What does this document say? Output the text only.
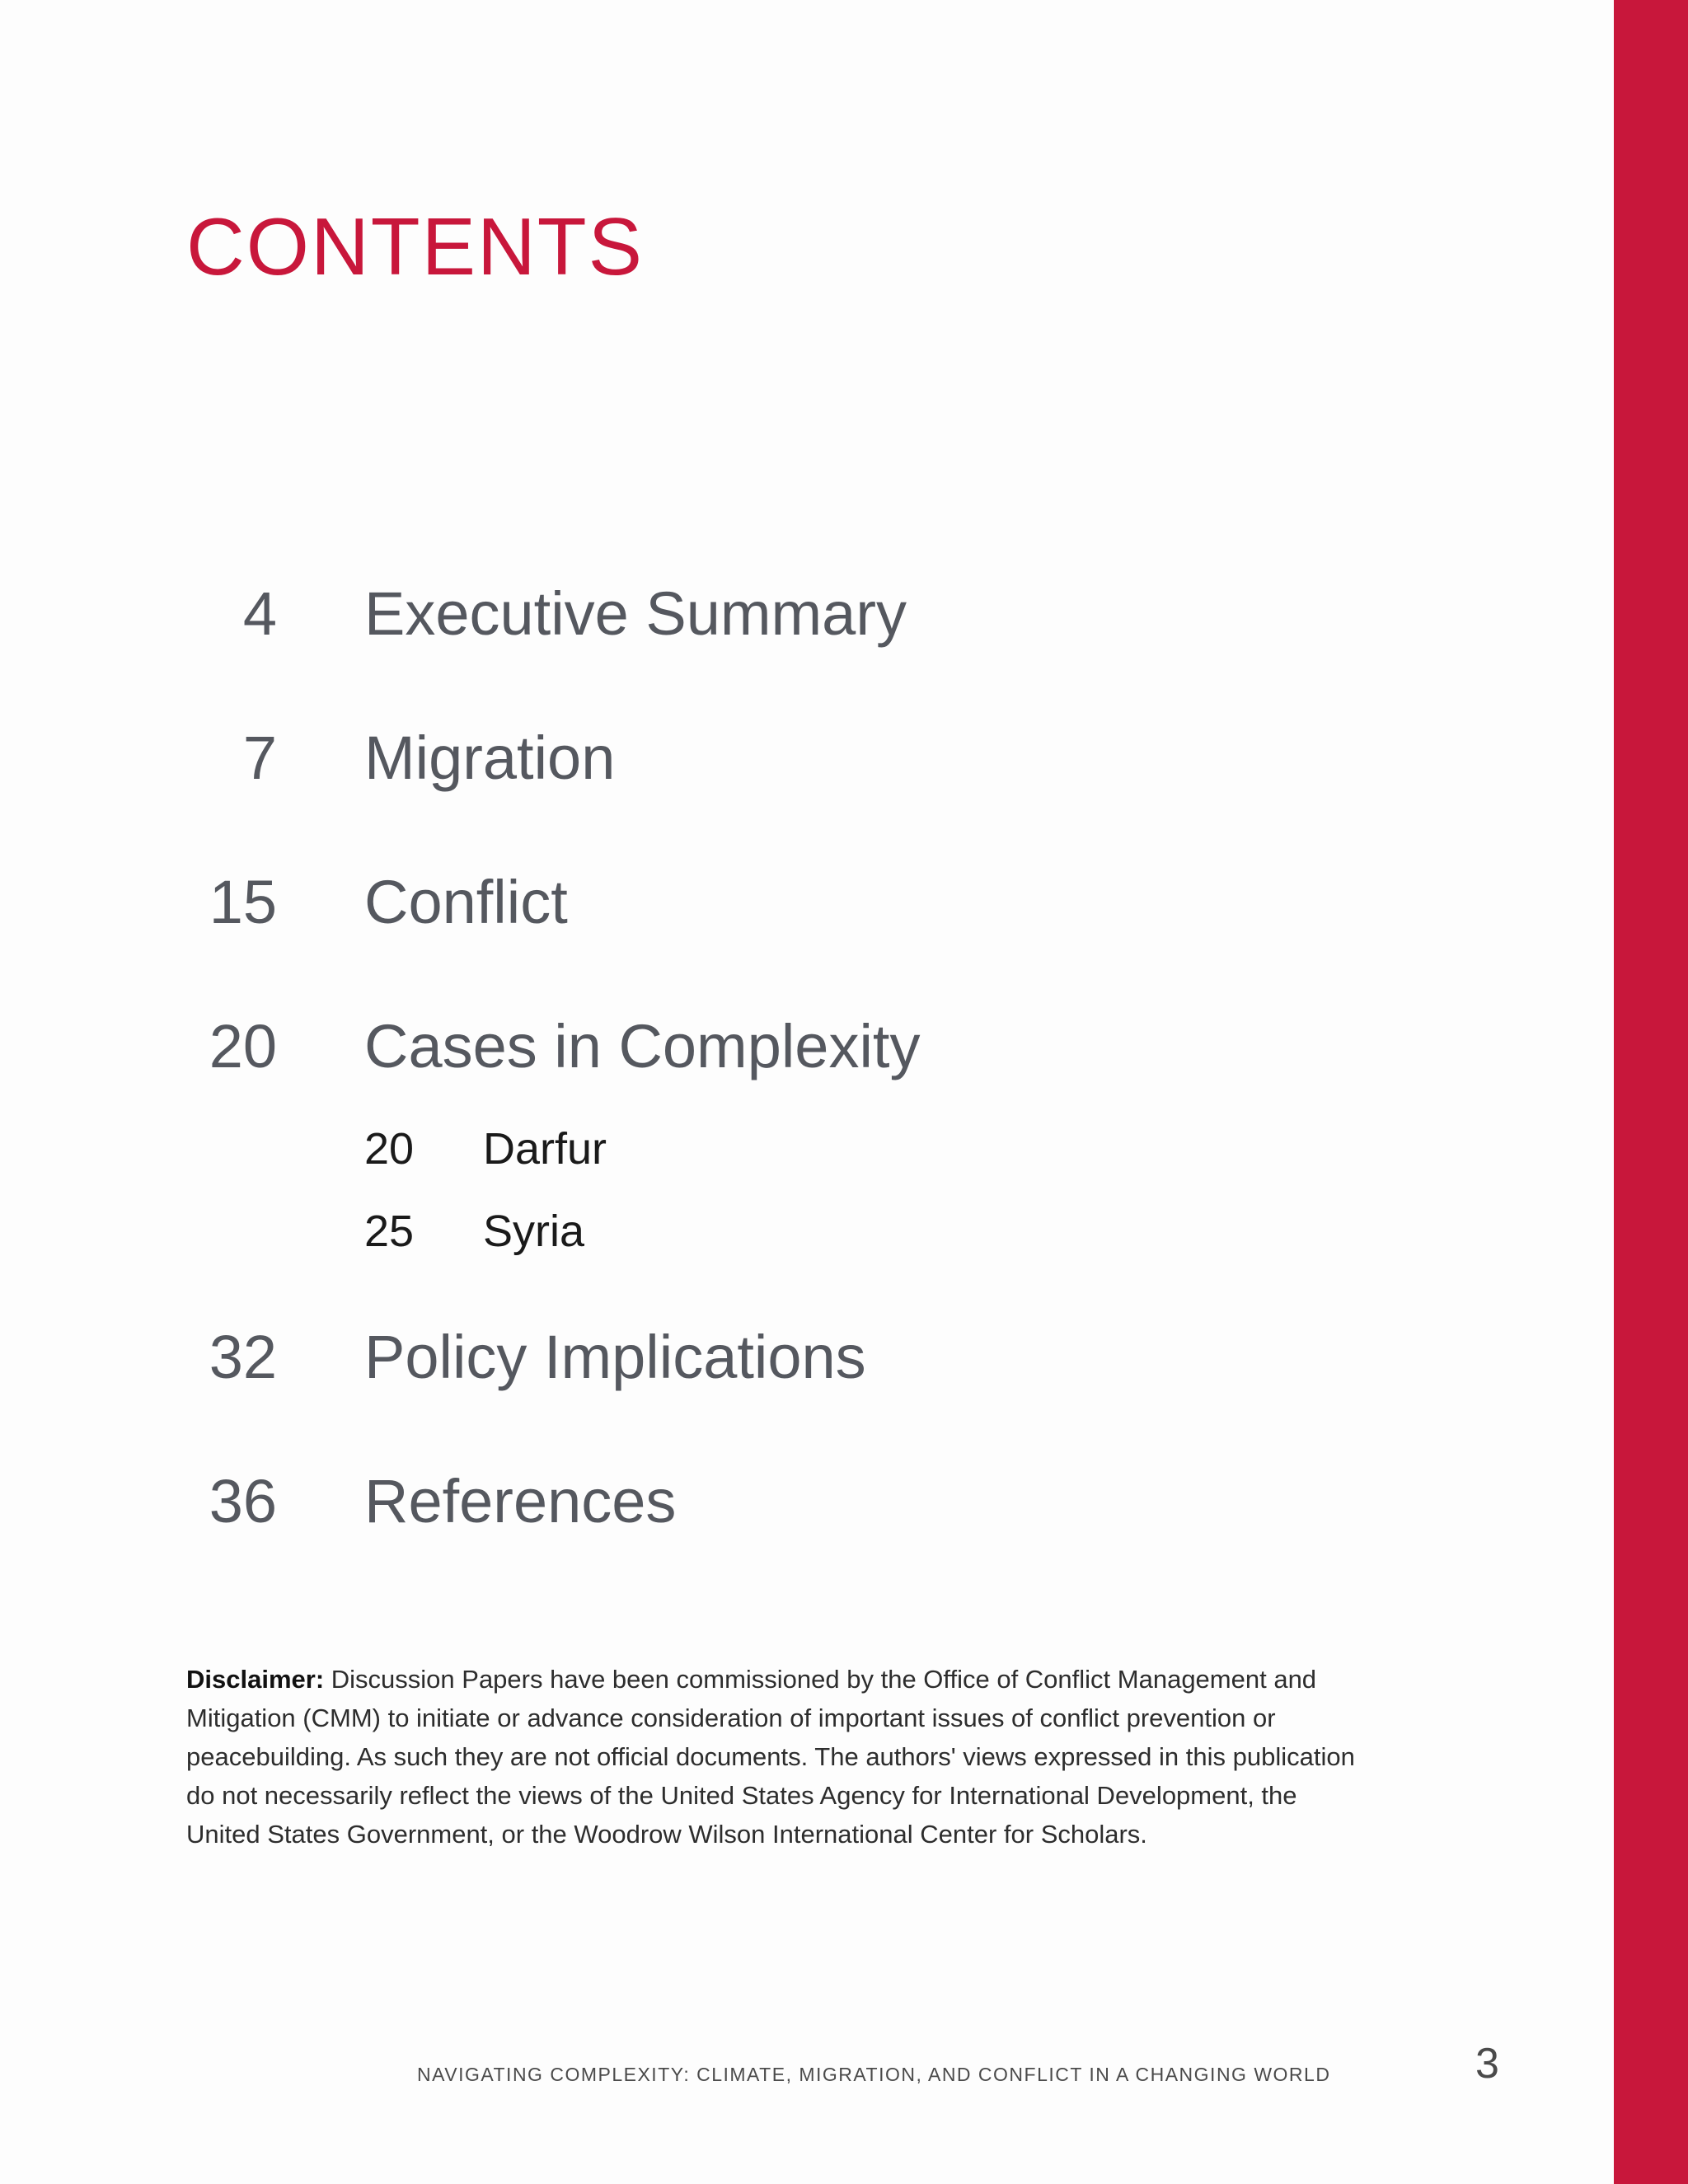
CONTENTS
4 Executive Summary
7 Migration
15 Conflict
20 Cases in Complexity
20 Darfur
25 Syria
32 Policy Implications
36 References

Disclaimer: Discussion Papers have been commissioned by the Office of Conflict Management and Mitigation (CMM) to initiate or advance consideration of important issues of conflict prevention or peacebuilding. As such they are not official documents. The authors' views expressed in this publication do not necessarily reflect the views of the United States Agency for International Development, the United States Government, or the Woodrow Wilson International Center for Scholars.

NAVIGATING COMPLEXITY: CLIMATE, MIGRATION, AND CONFLICT IN A CHANGING WORLD	3
